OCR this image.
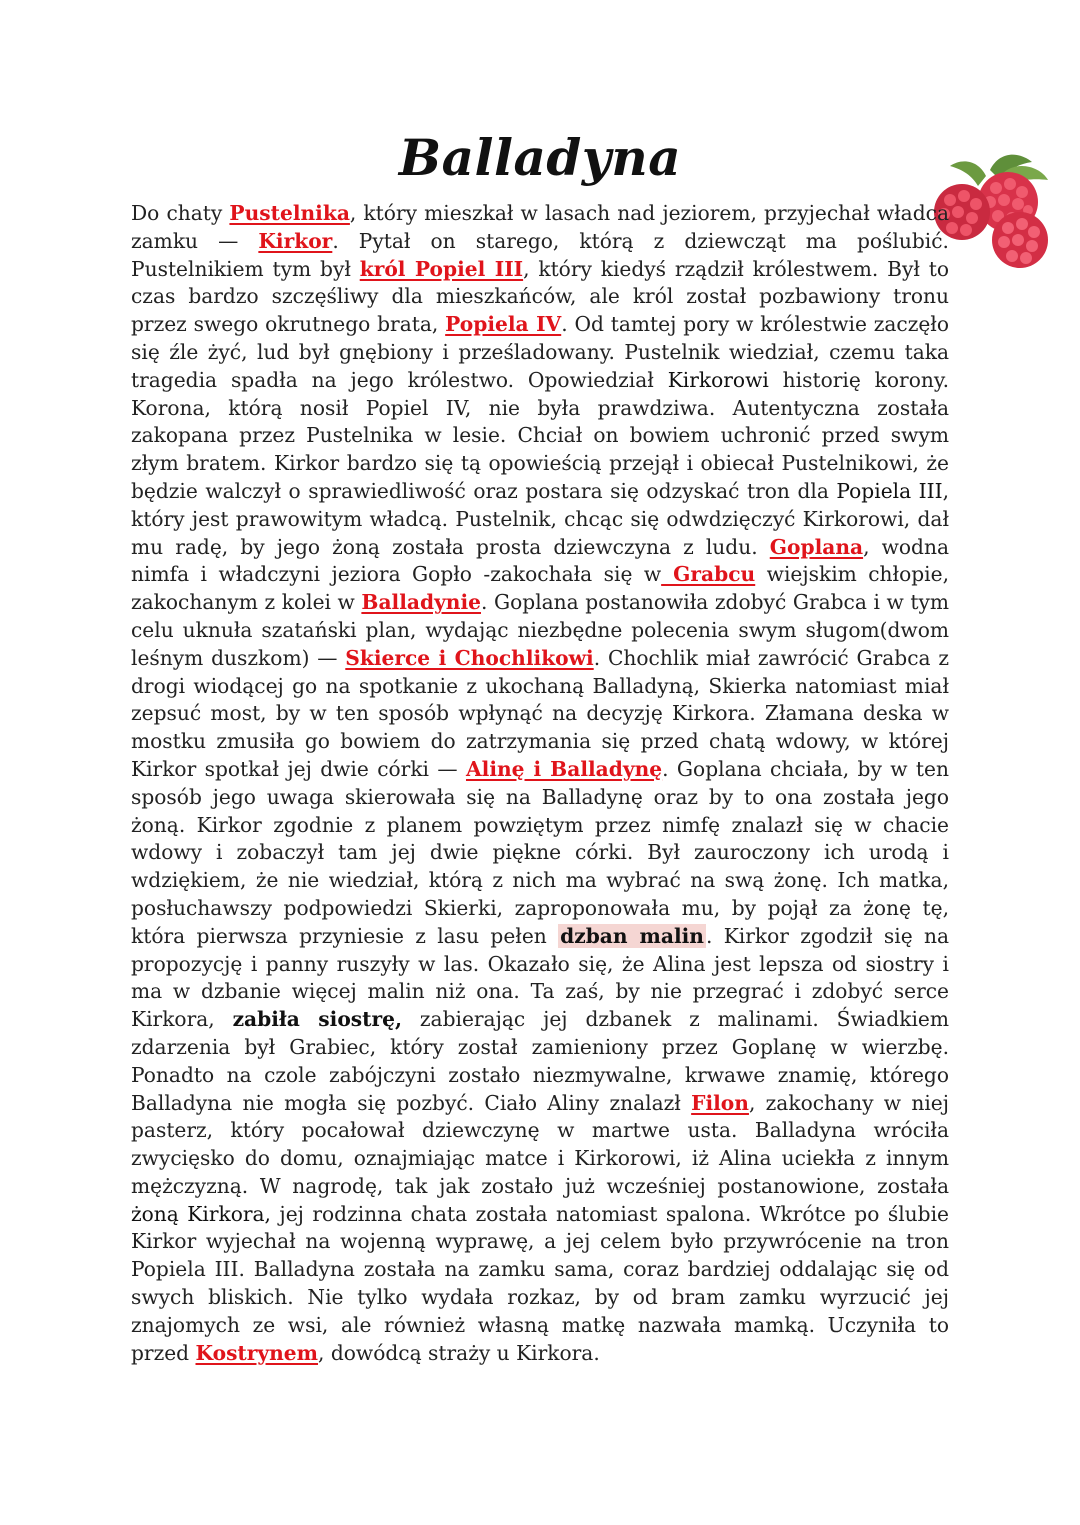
Balladyna

Do chaty Pustelnika, który mieszkał w lasach nad jeziorem, przyjechał władca zamku — Kirkor. Pytał on starego, którą z dziewcząt ma poślubić. Pustelnikiem tym był król Popiel III, który kiedyś rządził królestwem. Był to czas bardzo szczęśliwy dla mieszkańców, ale król został pozbawiony tronu przez swego okrutnego brata, Popiela IV. Od tamtej pory w królestwie zaczęło się źle żyć, lud był gnębiony i prześladowany. Pustelnik wiedział, czemu taka tragedia spadła na jego królestwo. Opowiedział Kirkorowi historię korony. Korona, którą nosił Popiel IV, nie była prawdziwa. Autentyczna została zakopana przez Pustelnika w lesie. Chciał on bowiem uchronić przed swym złym bratem. Kirkor bardzo się tą opowieścią przejął i obiecał Pustelnikowi, że będzie walczył o sprawiedliwość oraz postara się odzyskać tron dla Popiela III, który jest prawowitym władcą. Pustelnik, chcąc się odwdzięczyć Kirkorowi, dał mu radę, by jego żoną została prosta dziewczyna z ludu. Goplana, wodna nimfa i władczyni jeziora Gopło -zakochała się w Grabcu wiejskim chłopie, zakochanym z kolei w Balladynie. Goplana postanowiła zdobyć Grabca i w tym celu uknuła szatański plan, wydając niezbędne polecenia swym sługom(dwom leśnym duszkom) — Skierce i Chochlikowi. Chochlik miał zawrócić Grabca z drogi wiodącej go na spotkanie z ukochaną Balladyną, Skierka natomiast miał zepsuć most, by w ten sposób wpłynąć na decyzję Kirkora. Złamana deska w mostku zmusiła go bowiem do zatrzymania się przed chatą wdowy, w której Kirkor spotkał jej dwie córki — Alinę i Balladynę. Goplana chciała, by w ten sposób jego uwaga skierowała się na Balladynę oraz by to ona została jego żoną. Kirkor zgodnie z planem powziętym przez nimfę znalazł się w chacie wdowy i zobaczył tam jej dwie piękne córki. Był zauroczony ich urodą i wdziękiem, że nie wiedział, którą z nich ma wybrać na swą żonę. Ich matka, posłuchawszy podpowiedzi Skierki, zaproponowała mu, by pojął za żonę tę, która pierwsza przyniesie z lasu pełen dzban malin. Kirkor zgodził się na propozycję i panny ruszyły w las. Okazało się, że Alina jest lepsza od siostry i ma w dzbanie więcej malin niż ona. Ta zaś, by nie przegrać i zdobyć serce Kirkora, zabiła siostrę, zabierając jej dzbanek z malinami. Świadkiem zdarzenia był Grabiec, który został zamieniony przez Goplanę w wierzbę. Ponadto na czole zabójczyni zostało niezmywalne, krwawe znamię, którego Balladyna nie mogła się pozbyć. Ciało Aliny znalazł Filon, zakochany w niej pasterz, który pocałował dziewczynę w martwe usta. Balladyna wróciła zwycięsko do domu, oznajmiając matce i Kirkorowi, iż Alina uciekła z innym mężczyzną. W nagrodę, tak jak zostało już wcześniej postanowione, została żoną Kirkora, jej rodzinna chata została natomiast spalona. Wkrótce po ślubie Kirkor wyjechał na wojenną wyprawę, a jej celem było przywrócenie na tron Popiela III. Balladyna została na zamku sama, coraz bardziej oddalając się od swych bliskich. Nie tylko wydała rozkaz, by od bram zamku wyrzucić jej znajomych ze wsi, ale również własną matkę nazwała mamką. Uczyniła to przed Kostrynem, dowódcą straży u Kirkora.
